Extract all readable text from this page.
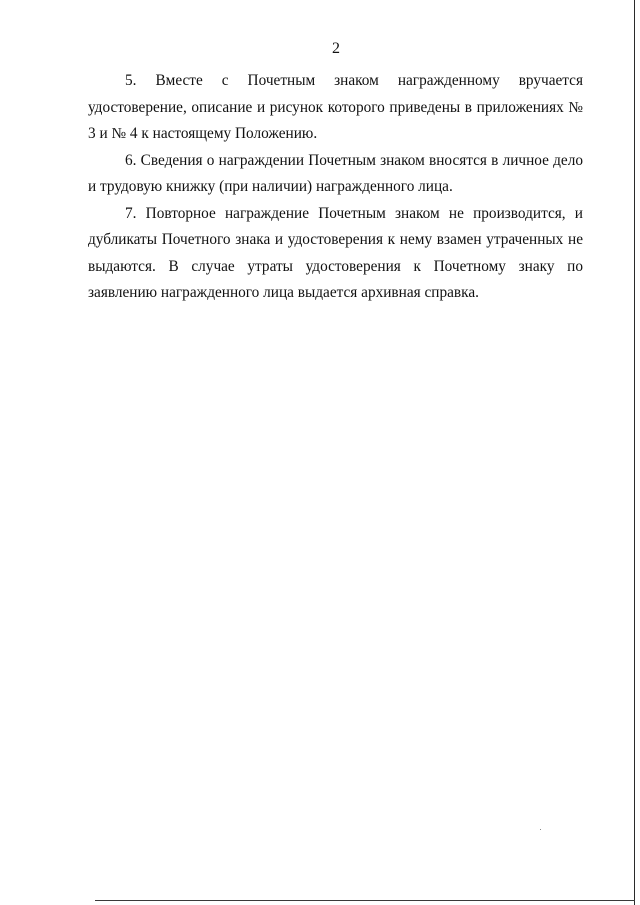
2

5. Вместе с Почетным знаком награжденному вручается удостоверение, описание и рисунок которого приведены в приложениях № 3 и № 4 к настоящему Положению.

6. Сведения о награждении Почетным знаком вносятся в личное дело и трудовую книжку (при наличии) награжденного лица.

7. Повторное награждение Почетным знаком не производится, и дубликаты Почетного знака и удостоверения к нему взамен утраченных не выдаются. В случае утраты удостоверения к Почетному знаку по заявлению награжденного лица выдается архивная справка.
